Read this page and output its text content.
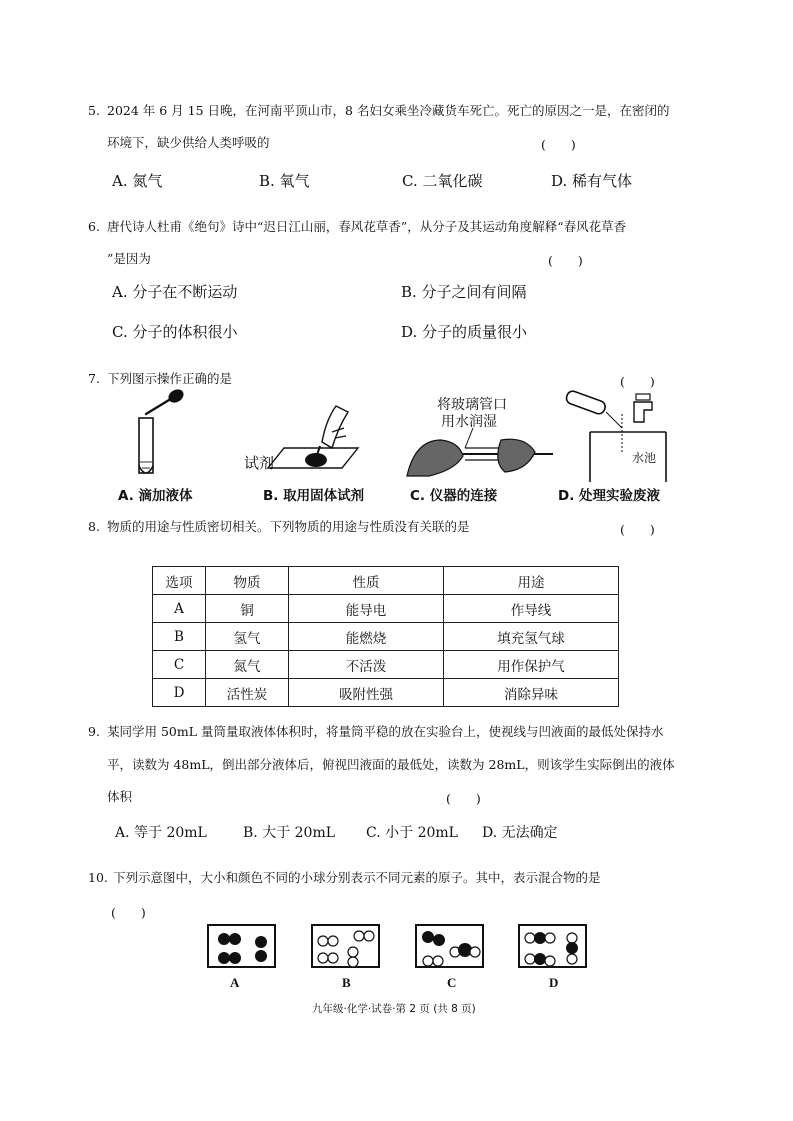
5. 2024 年 6 月 15 日晚，在河南平顶山市，8 名妇女乘坐冷藏货车死亡。死亡的原因之一是，在密闭的
环境下，缺少供给人类呼吸的	(　　)
A. 氮气	B. 氧气	C. 二氧化碳	D. 稀有气体
6. 唐代诗人杜甫《绝句》诗中“迟日江山丽，春风花草香”，从分子及其运动角度解释“春风花草香
”是因为	(　　)
A. 分子在不断运动	B. 分子之间有间隔
C. 分子的体积很小	D. 分子的质量很小
7. 下列图示操作正确的是	(　　)
A. 滴加液体
试剂
B. 取用固体试剂
将玻璃管口
用水润湿
C. 仪器的连接
水池
D. 处理实验废液
8. 物质的用途与性质密切相关。下列物质的用途与性质没有关联的是	(　　)
选项	物质	性质	用途
A	铜	能导电	作导线
B	氢气	能燃烧	填充氢气球
C	氮气	不活泼	用作保护气
D	活性炭	吸附性强	消除异味
9. 某同学用 50mL 量筒量取液体体积时，将量筒平稳的放在实验台上，使视线与凹液面的最低处保持水
平，读数为 48mL，倒出部分液体后，俯视凹液面的最低处，读数为 28mL，则该学生实际倒出的液体
体积	(　　)
A. 等于 20mL	B. 大于 20mL C. 小于 20mL D. 无法确定
10. 下列示意图中，大小和颜色不同的小球分别表示不同元素的原子。其中，表示混合物的是
(　　)
A	B	C	D
九年级·化学·试卷·第 2 页 (共 8 页)
